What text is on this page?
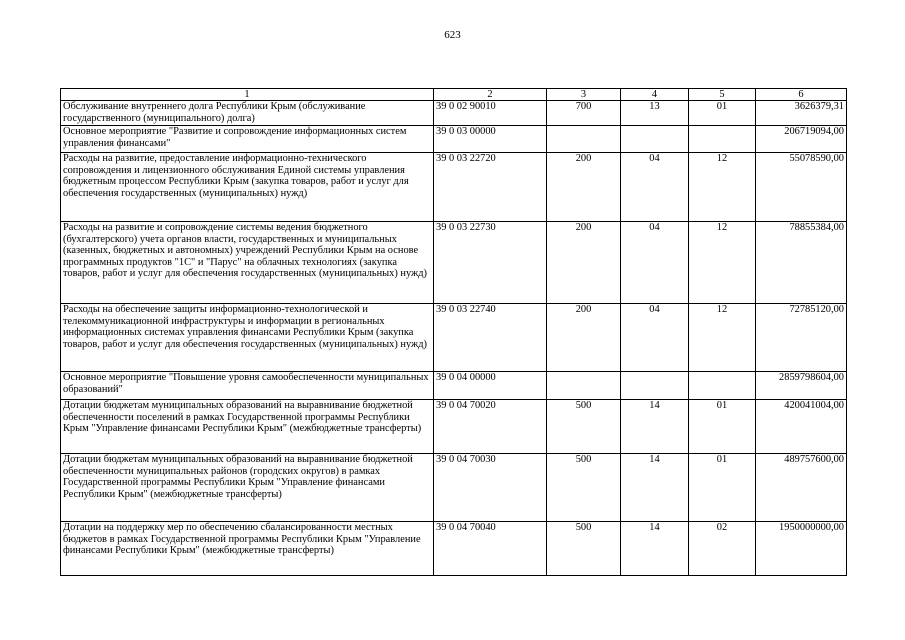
623
1	2	3	4	5	6
Обслуживание внутреннего долга Республики Крым (обслуживание государственного (муниципального) долга)	39 0 02 90010	700	13	01	3626379,31
Основное мероприятие "Развитие и сопровождение информационных систем управления финансами"	39 0 03 00000				206719094,00
Расходы на развитие, предоставление информационно-технического сопровождения и лицензионного обслуживания Единой системы управления бюджетным процессом Республики Крым (закупка товаров, работ и услуг для обеспечения государственных (муниципальных) нужд)	39 0 03 22720	200	04	12	55078590,00
Расходы на развитие и сопровождение системы ведения бюджетного (бухгалтерского) учета органов власти, государственных и муниципальных (казенных, бюджетных и автономных) учреждений Республики Крым на основе программных продуктов "1С" и "Парус" на облачных технологиях (закупка товаров, работ и услуг для обеспечения государственных (муниципальных) нужд)	39 0 03 22730	200	04	12	78855384,00
Расходы на обеспечение защиты информационно-технологической и телекоммуникационной инфраструктуры и информации в региональных информационных системах управления финансами Республики Крым (закупка товаров, работ и услуг для обеспечения государственных (муниципальных) нужд)	39 0 03 22740	200	04	12	72785120,00
Основное мероприятие "Повышение уровня самообеспеченности муниципальных образований"	39 0 04 00000				2859798604,00
Дотации бюджетам муниципальных образований на выравнивание бюджетной обеспеченности поселений в рамках Государственной программы Республики Крым "Управление финансами Республики Крым" (межбюджетные трансферты)	39 0 04 70020	500	14	01	420041004,00
Дотации бюджетам муниципальных образований на выравнивание бюджетной обеспеченности муниципальных районов (городских округов) в рамках Государственной программы Республики Крым "Управление финансами Республики Крым" (межбюджетные трансферты)	39 0 04 70030	500	14	01	489757600,00
Дотации на поддержку мер по обеспечению сбалансированности местных бюджетов в рамках Государственной программы Республики Крым "Управление финансами Республики Крым" (межбюджетные трансферты)	39 0 04 70040	500	14	02	1950000000,00
